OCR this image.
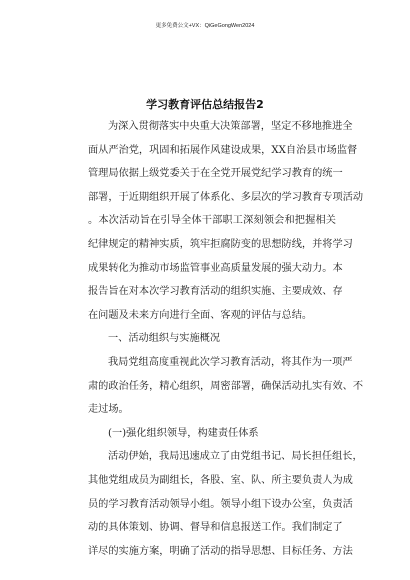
更多免费公文+VX：QiGeGongWen2024
学习教育评估总结报告2
为深入贯彻落实中央重大决策部署，坚定不移地推进全
面从严治党，巩固和拓展作风建设成果，XX自治县市场监督
管理局依据上级党委关于在全党开展党纪学习教育的统一
部署，于近期组织开展了体系化、多层次的学习教育专项活动
。本次活动旨在引导全体干部职工深刻领会和把握相关
纪律规定的精神实质，筑牢拒腐防变的思想防线，并将学习
成果转化为推动市场监管事业高质量发展的强大动力。本
报告旨在对本次学习教育活动的组织实施、主要成效、存
在问题及未来方向进行全面、客观的评估与总结。
一、活动组织与实施概况
我局党组高度重视此次学习教育活动，将其作为一项严
肃的政治任务，精心组织，周密部署，确保活动扎实有效、不
走过场。
(一)强化组织领导，构建责任体系
活动伊始，我局迅速成立了由党组书记、局长担任组长，
其他党组成员为副组长，各股、室、队、所主要负责人为成
员的学习教育活动领导小组。领导小组下设办公室，负责活
动的具体策划、协调、督导和信息报送工作。我们制定了
详尽的实施方案，明确了活动的指导思想、目标任务、方法
